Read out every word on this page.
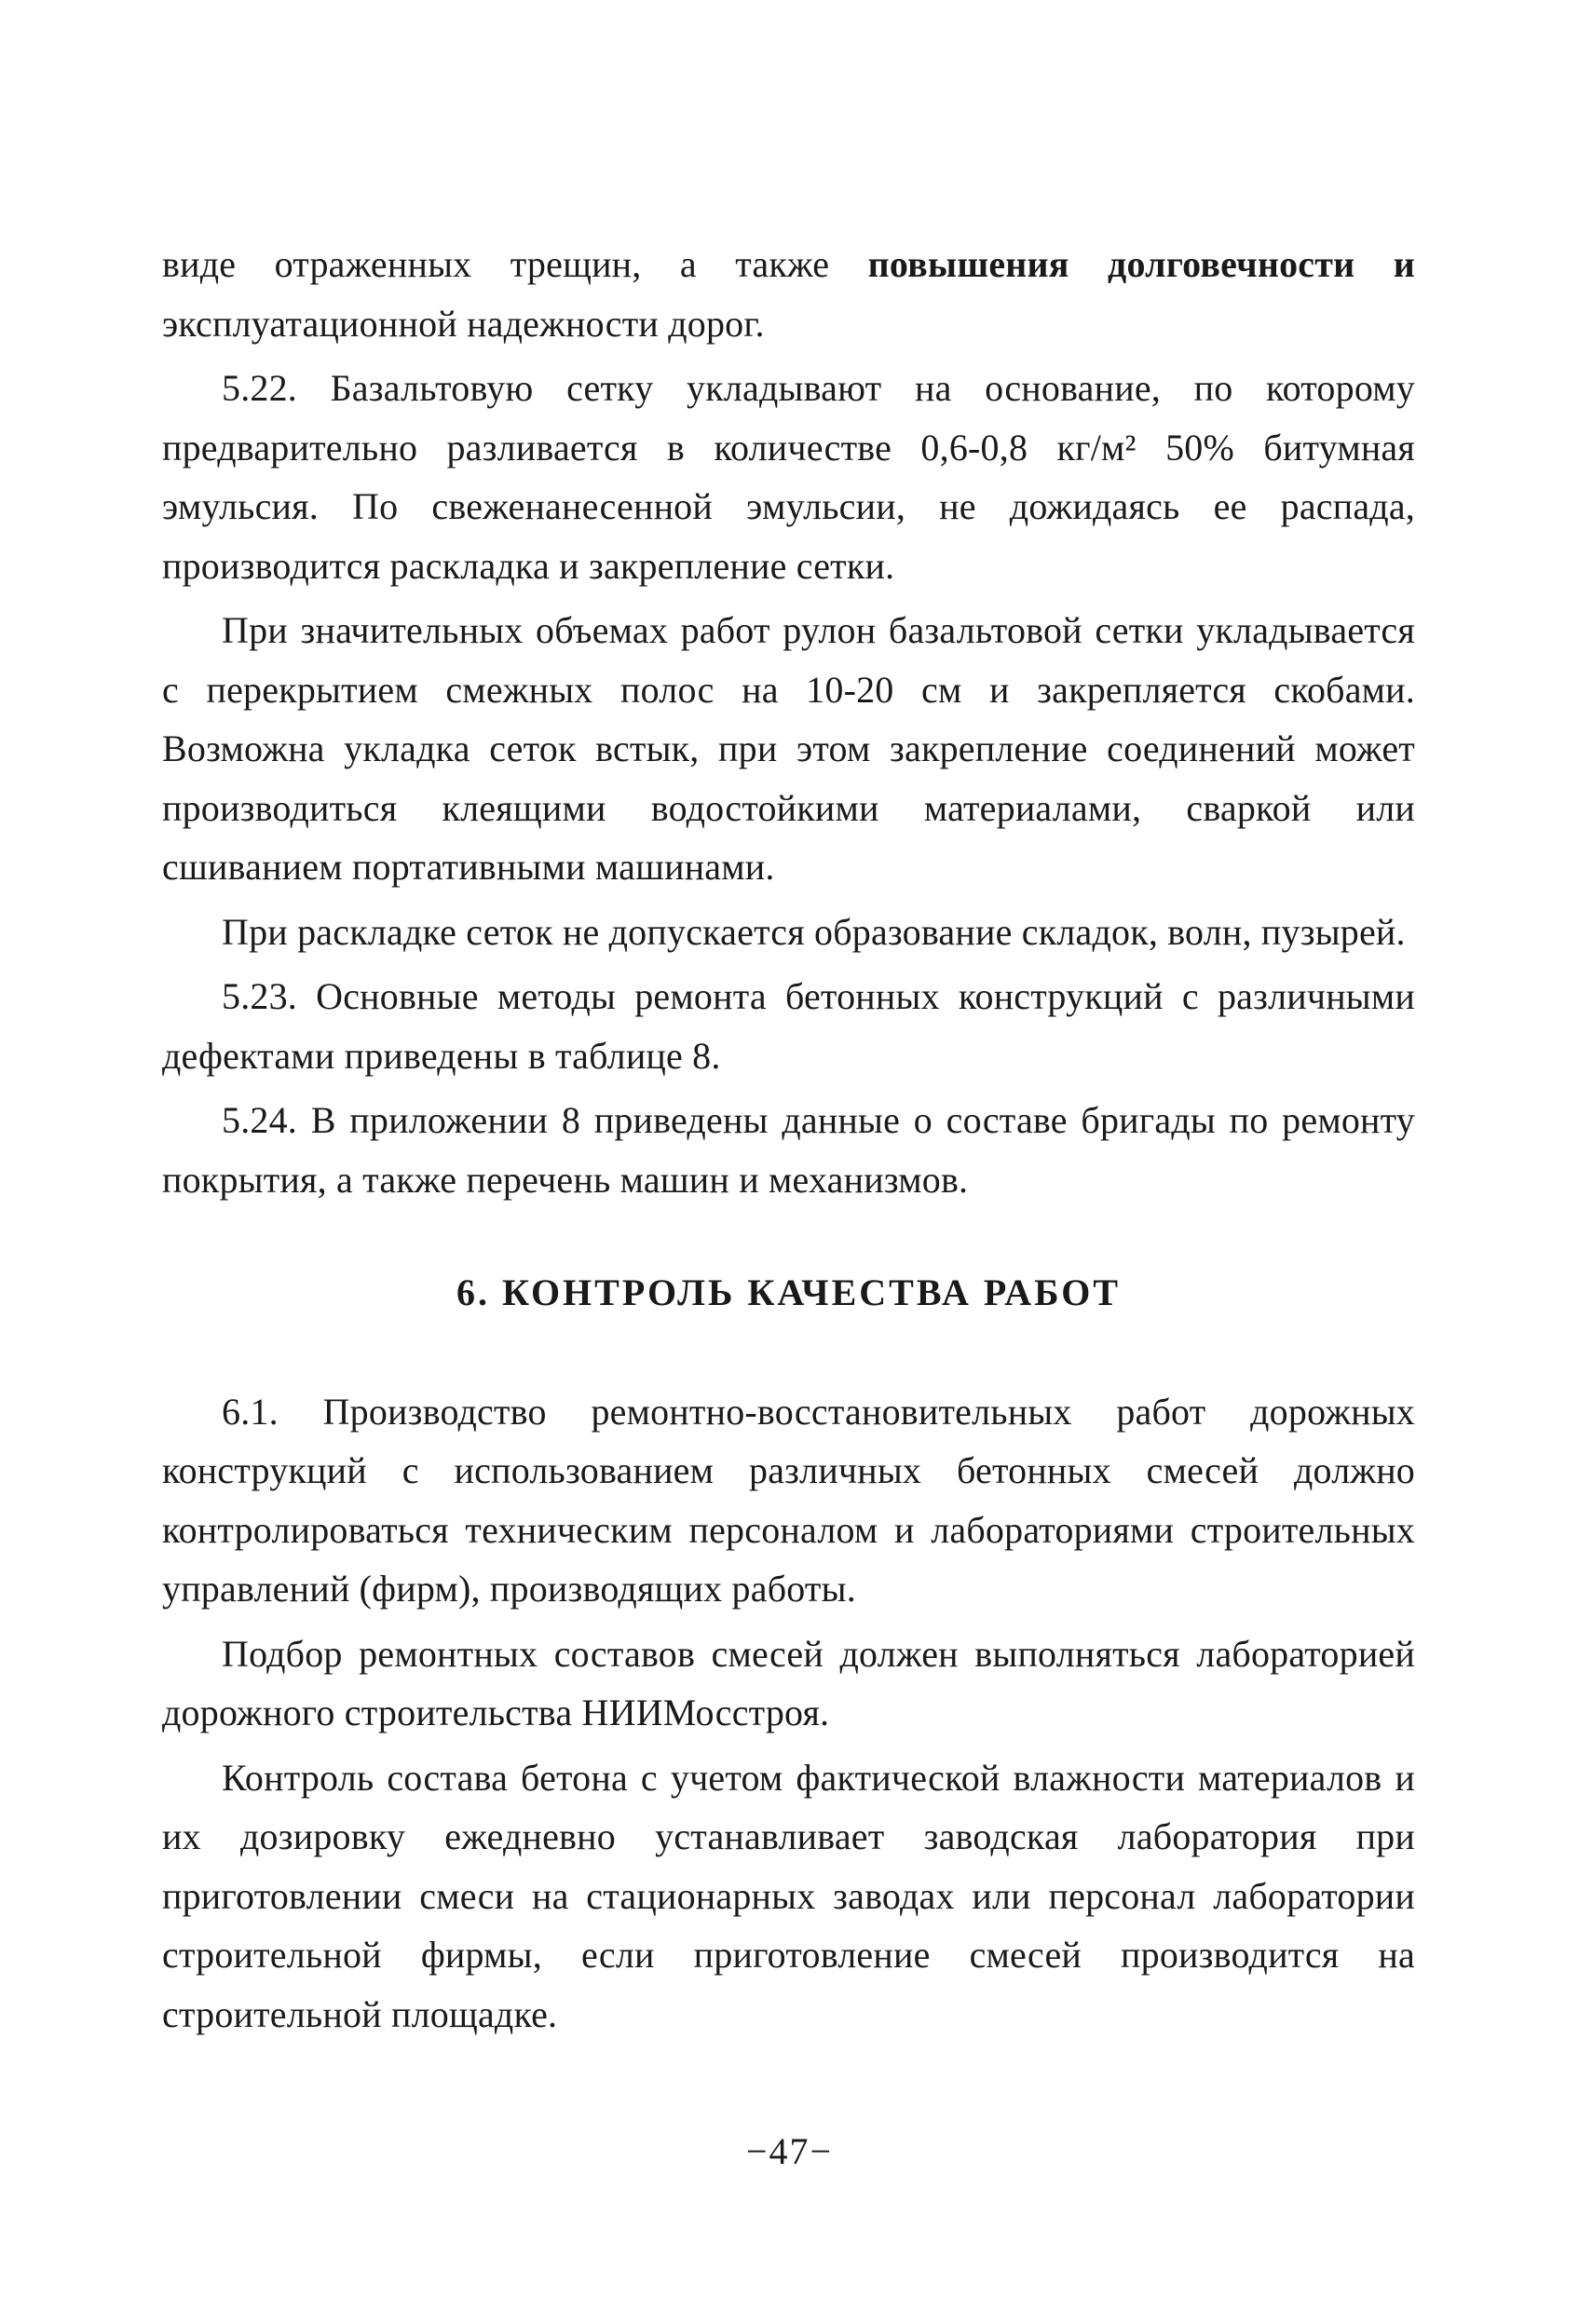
виде отраженных трещин, а также повышения долговечности и эксплуатационной надежности дорог.

5.22. Базальтовую сетку укладывают на основание, по которому предварительно разливается в количестве 0,6-0,8 кг/м² 50% битумная эмульсия. По свеженанесенной эмульсии, не дожидаясь ее распада, производится раскладка и закрепление сетки.

При значительных объемах работ рулон базальтовой сетки укладывается с перекрытием смежных полос на 10-20 см и закрепляется скобами. Возможна укладка сеток встык, при этом закрепление соединений может производиться клеящими водостойкими материалами, сваркой или сшиванием портативными машинами.

При раскладке сеток не допускается образование складок, волн, пузырей.

5.23. Основные методы ремонта бетонных конструкций с различными дефектами приведены в таблице 8.

5.24. В приложении 8 приведены данные о составе бригады по ремонту покрытия, а также перечень машин и механизмов.

6. КОНТРОЛЬ КАЧЕСТВА РАБОТ

6.1. Производство ремонтно-восстановительных работ дорожных конструкций с использованием различных бетонных смесей должно контролироваться техническим персоналом и лабораториями строительных управлений (фирм), производящих работы.

Подбор ремонтных составов смесей должен выполняться лабораторией дорожного строительства НИИМосстроя.

Контроль состава бетона с учетом фактической влажности материалов и их дозировку ежедневно устанавливает заводская лаборатория при приготовлении смеси на стационарных заводах или персонал лаборатории строительной фирмы, если приготовление смесей производится на строительной площадке.

−47−
